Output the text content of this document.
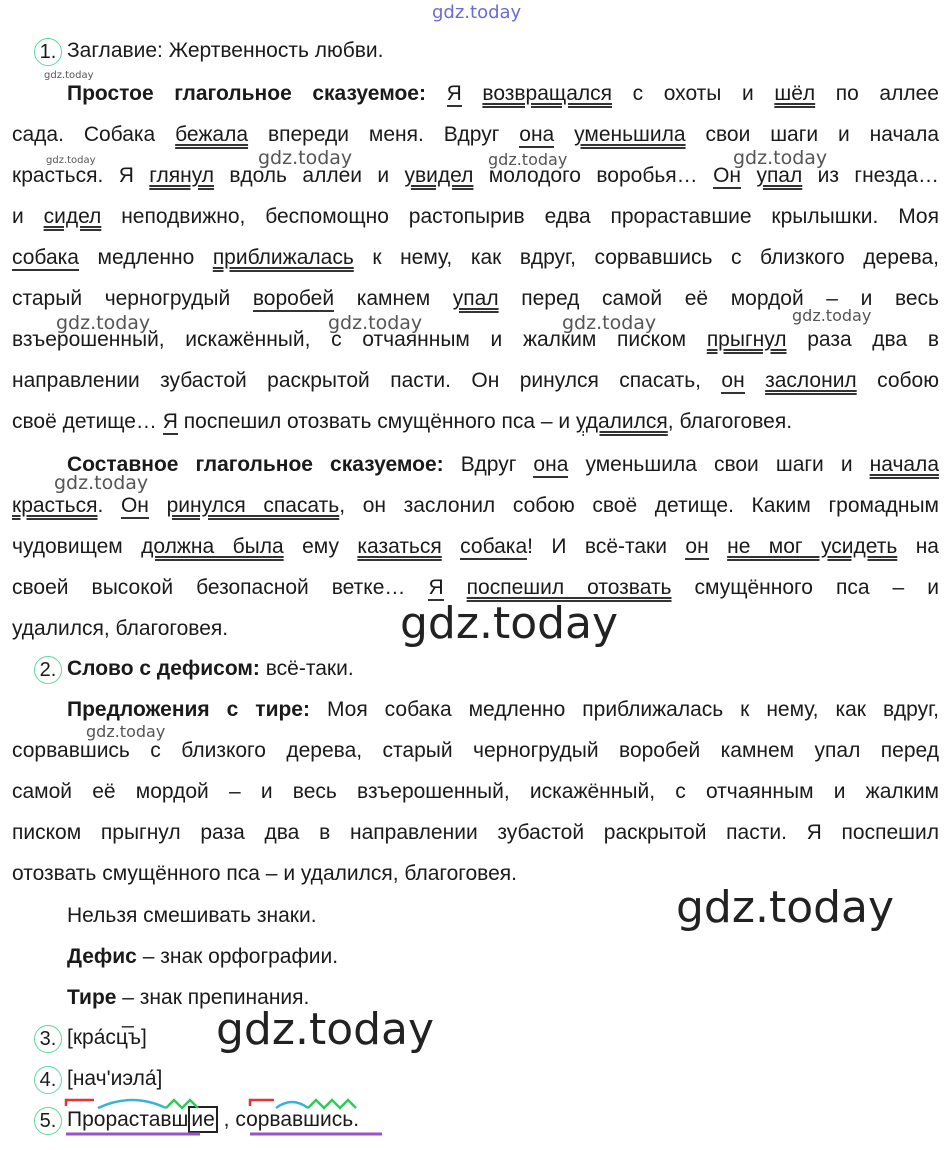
gdz.today
1. Заглавие: Жертвенность любви.
gdz.today
Простое глагольное сказуемое: Я возвращался с охоты и шёл по аллее
сада. Собака бежала впереди меня. Вдруг она уменьшила свои шаги и начала
красться. Я глянул вдоль аллеи и увидел молодого воробья… Он упал из гнезда…
и сидел неподвижно, беспомощно растопырив едва прораставшие крылышки. Моя
собака медленно приближалась к нему, как вдруг, сорвавшись с близкого дерева,
старый черногрудый воробей камнем упал перед самой её мордой – и весь
взъерошенный, искажённый, с отчаянным и жалким писком прыгнул раза два в
направлении зубастой раскрытой пасти. Он ринулся спасать, он заслонил собою
своё детище… Я поспешил отозвать смущённого пса – и удалился, благоговея.
Составное глагольное сказуемое: Вдруг она уменьшила свои шаги и начала
красться. Он ринулся спасать, он заслонил собою своё детище. Каким громадным
чудовищем должна была ему казаться собака! И всё-таки он не мог усидеть на
своей высокой безопасной ветке… Я поспешил отозвать смущённого пса – и
удалился, благоговея.
gdz.today	gdz.today	gdz.today	gdz.today
gdz.today	gdz.today	gdz.today	gdz.today
gdz.today
gdz.today
2. Слово с дефисом: всё-таки.
Предложения с тире: Моя собака медленно приближалась к нему, как вдруг,
gdz.today
сорвавшись с близкого дерева, старый черногрудый воробей камнем упал перед
самой её мордой – и весь взъерошенный, искажённый, с отчаянным и жалким
писком прыгнул раза два в направлении зубастой раскрытой пасти. Я поспешил
отозвать смущённого пса – и удалился, благоговея.
Нельзя смешивать знаки.	gdz.today
Дефис – знак орфографии.
Тире – знак препинания.
3. [кра́сц̅ъ]	gdz.today
4. [нач'иэла́]
5. Прораставш ие , сорвавшись.
